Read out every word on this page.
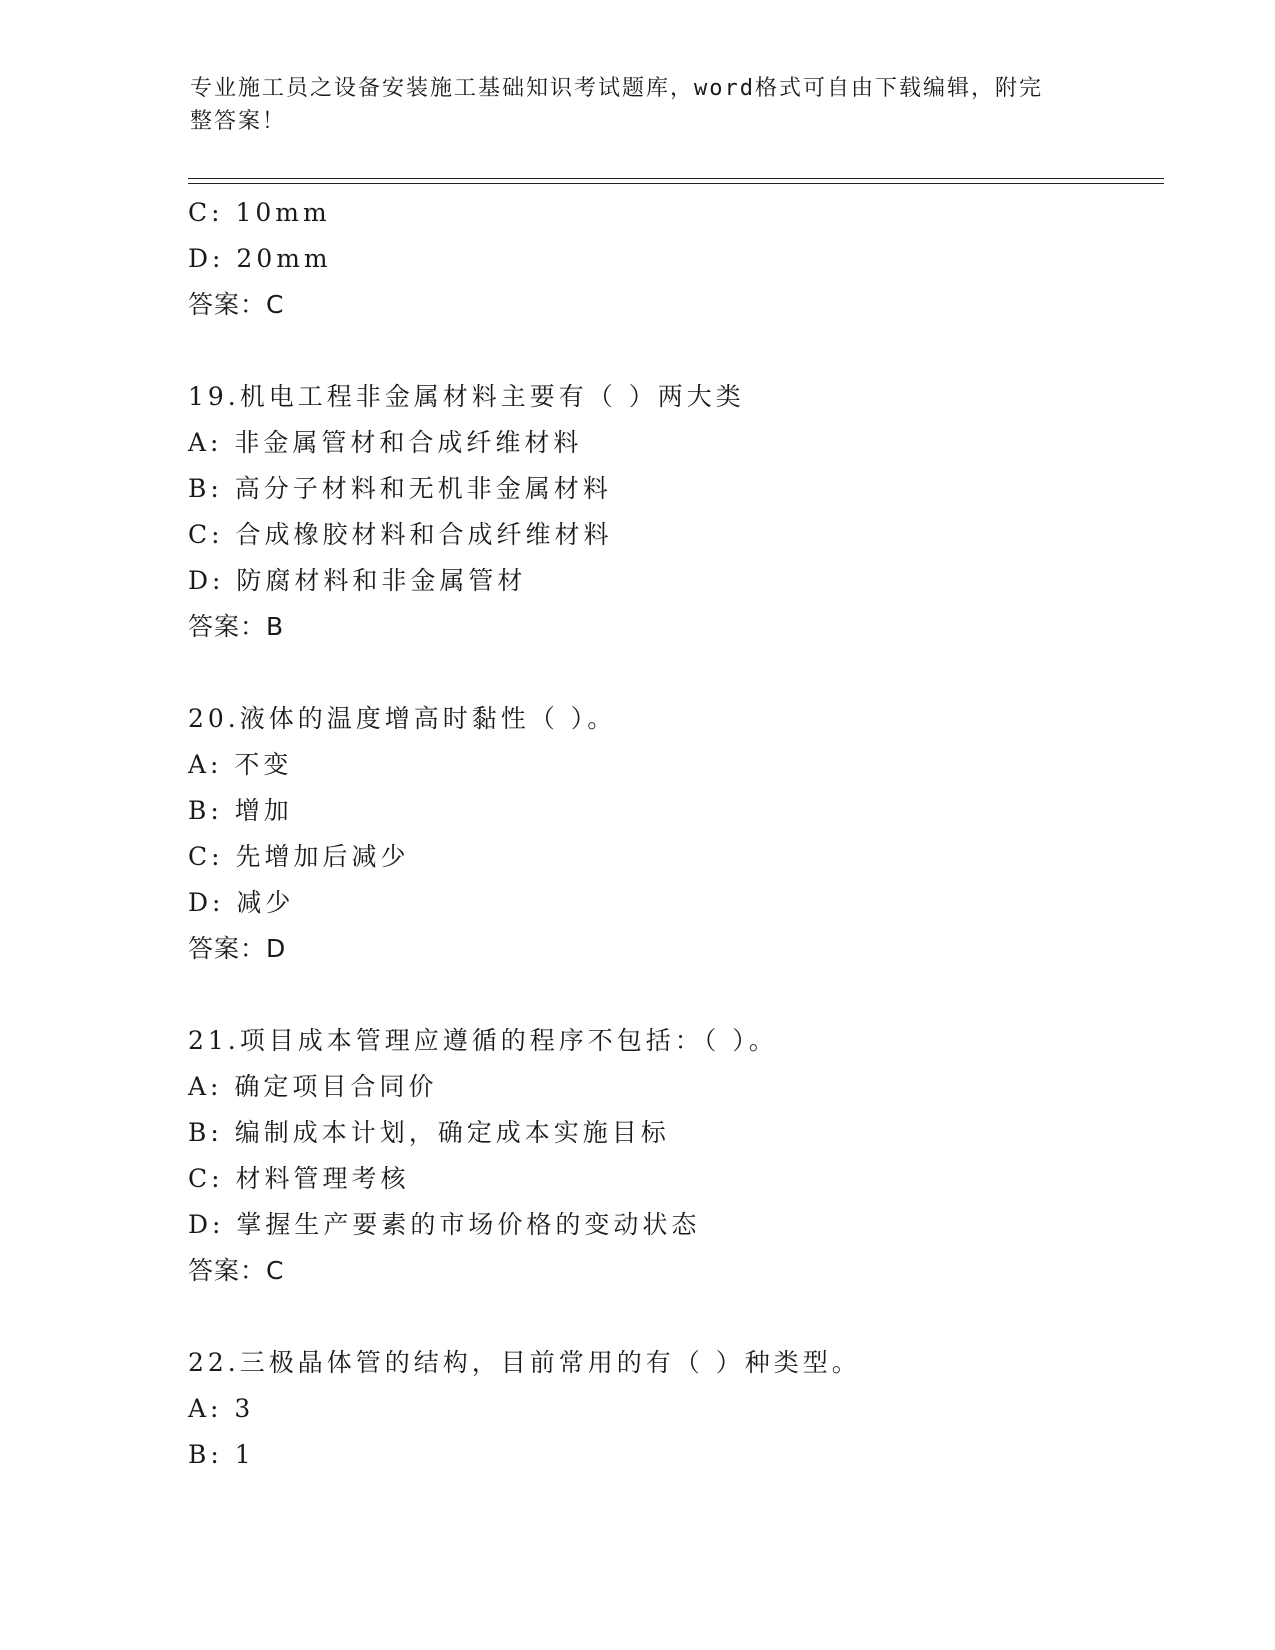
专业施工员之设备安装施工基础知识考试题库，word格式可自由下载编辑，附完
整答案！
C: 10mm
D: 20mm
答案：C
19.机电工程非金属材料主要有（ ）两大类
A: 非金属管材和合成纤维材料
B: 高分子材料和无机非金属材料
C: 合成橡胶材料和合成纤维材料
D: 防腐材料和非金属管材
答案：B
20.液体的温度增高时黏性（ ）。
A: 不变
B: 增加
C: 先增加后减少
D: 减少
答案：D
21.项目成本管理应遵循的程序不包括：（ ）。
A: 确定项目合同价
B: 编制成本计划，确定成本实施目标
C: 材料管理考核
D: 掌握生产要素的市场价格的变动状态
答案：C
22.三极晶体管的结构，目前常用的有（ ）种类型。
A: 3
B: 1
